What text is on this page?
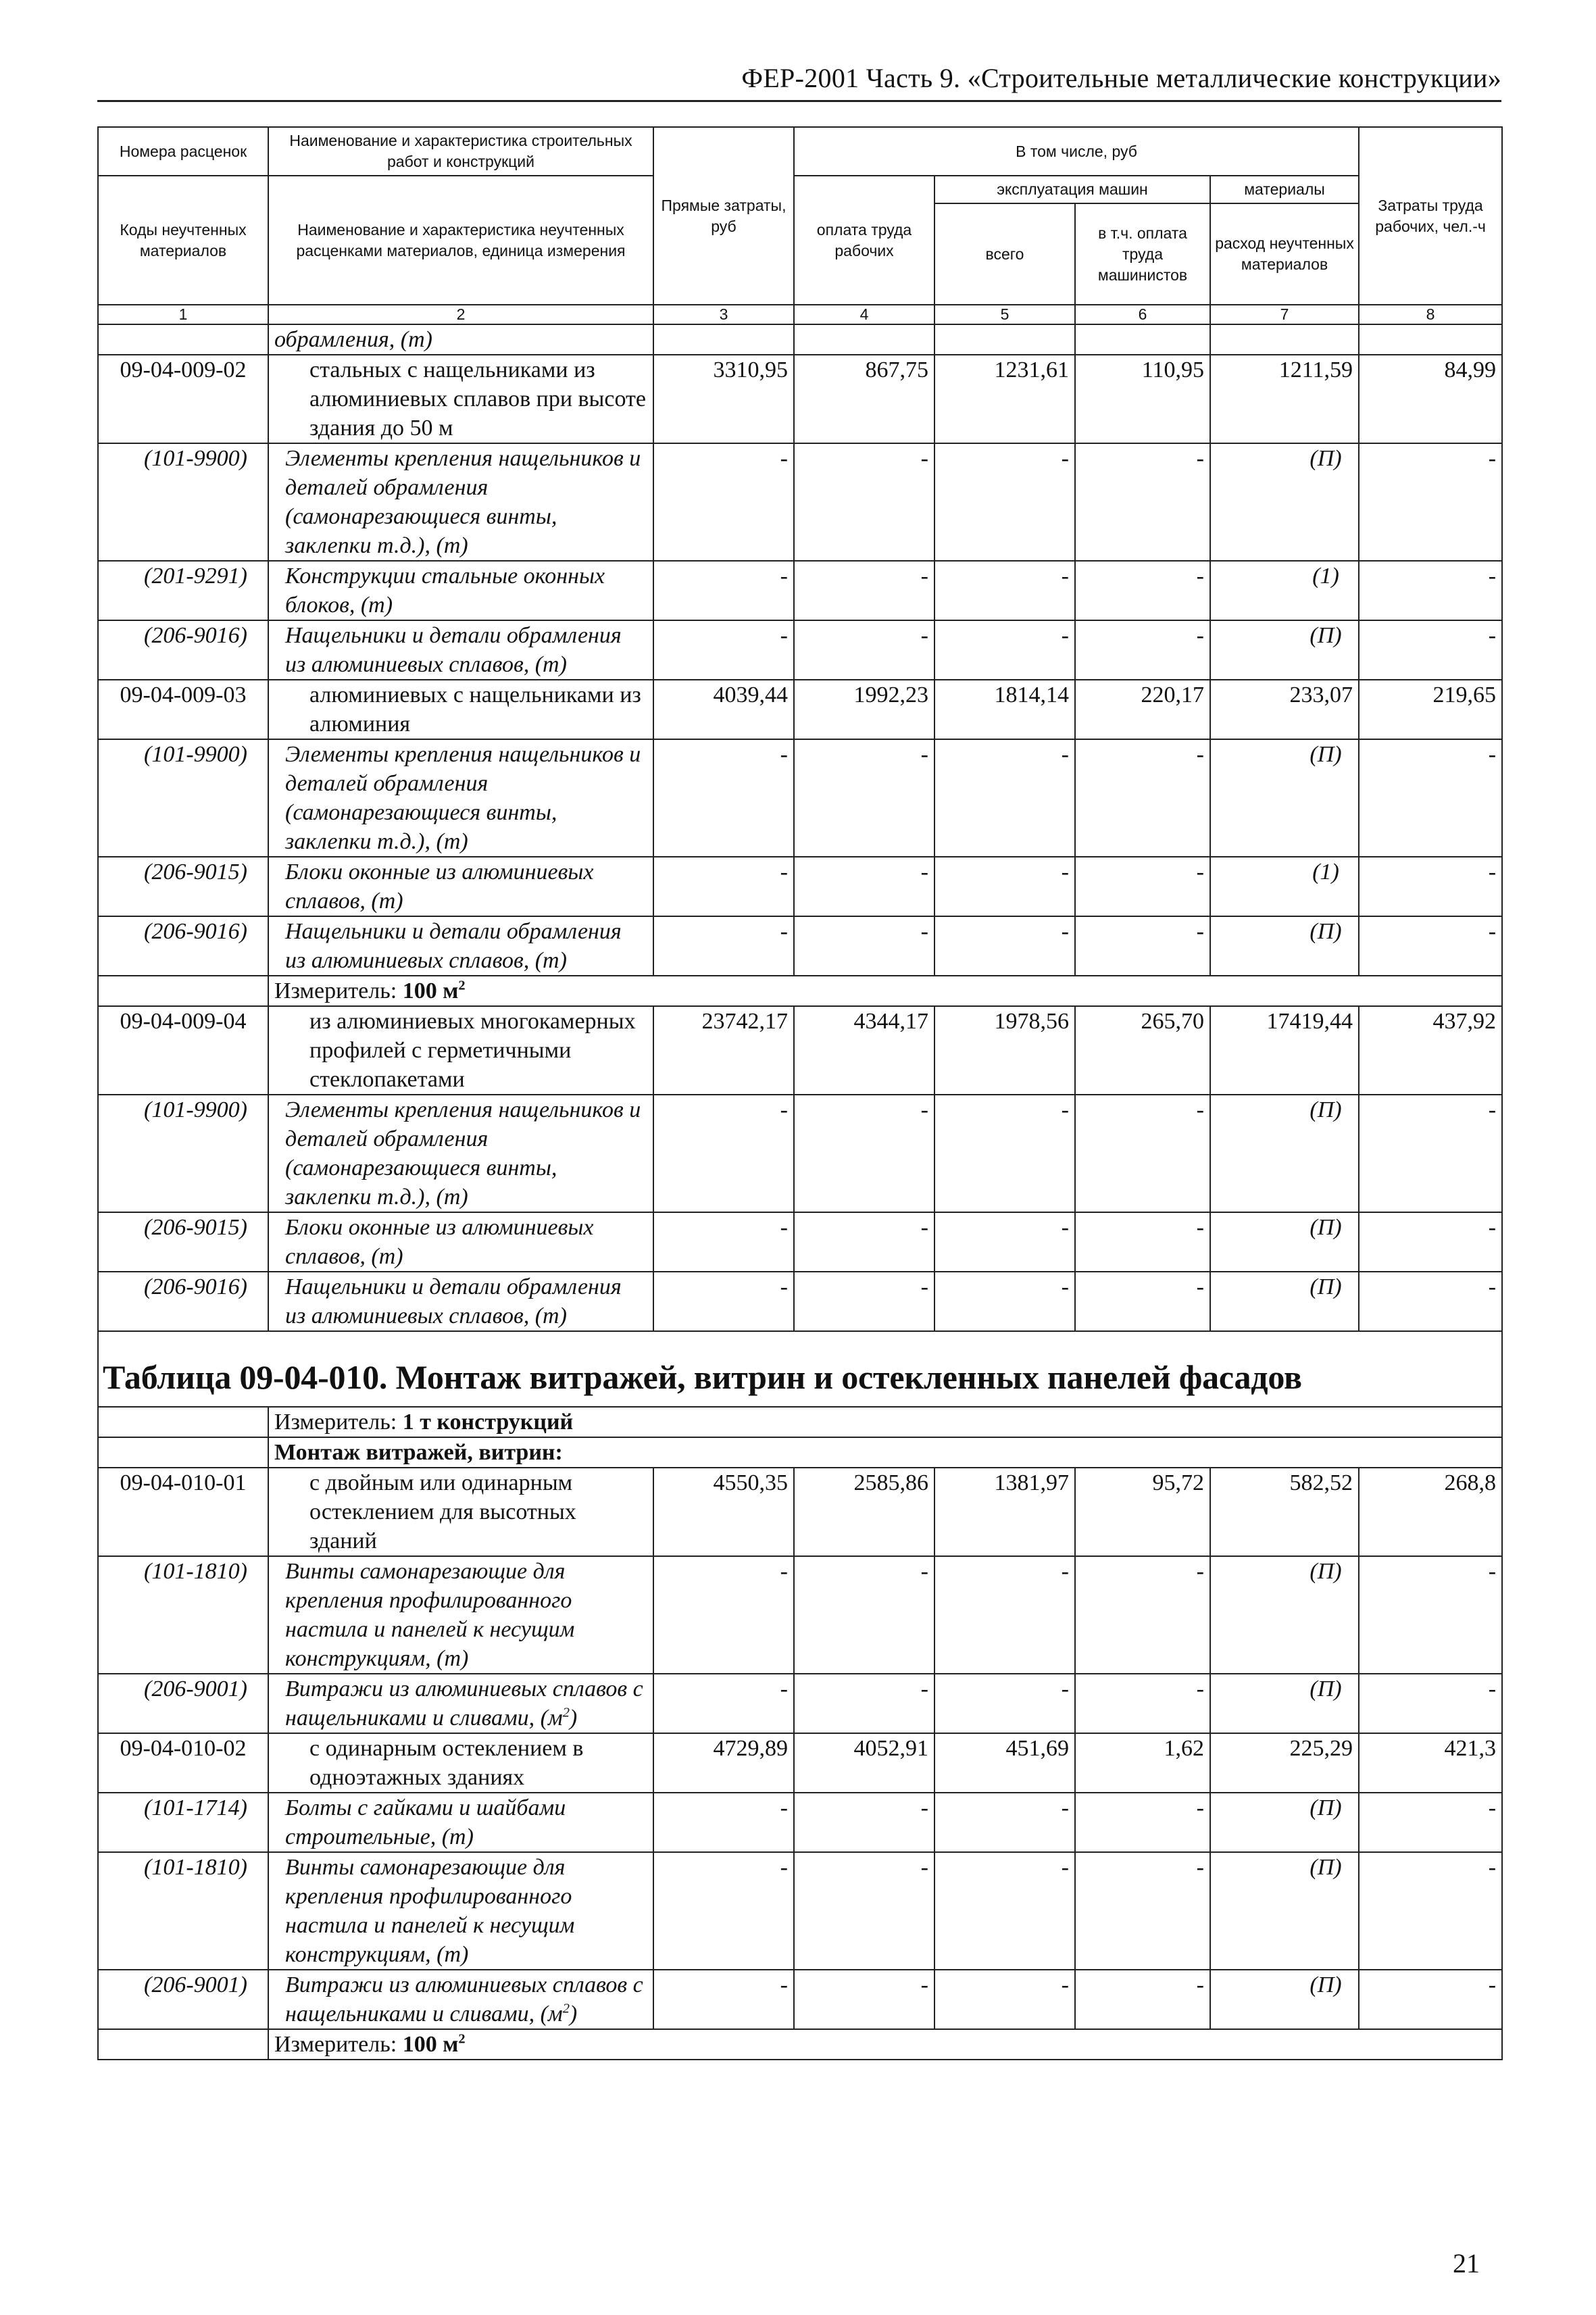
ФЕР-2001 Часть 9. «Строительные металлические конструкции»
Номера расценок	Наименование и характеристика строительных работ и конструкций	Прямые затраты, руб	В том числе, руб				Затраты труда рабочих, чел.-ч
Коды неучтенных материалов	Наименование и характеристика неучтенных расценками материалов, единица измерения		оплата труда рабочих	эксплуатация машин		материалы	
				всего	в т.ч. оплата труда машинистов	расход неучтенных материалов	
1	2	3	4	5	6	7	8
	обрамления, (т)						
09-04-009-02	стальных с нащельниками из алюминиевых сплавов при высоте здания до 50 м	3310,95	867,75	1231,61	110,95	1211,59	84,99
(101-9900)	Элементы крепления нащельников и деталей обрамления (самонарезающиеся винты, заклепки т.д.), (т)	-	-	-	-	(П)	-
(201-9291)	Конструкции стальные оконных блоков, (т)	-	-	-	-	(1)	-
(206-9016)	Нащельники и детали обрамления из алюминиевых сплавов, (т)	-	-	-	-	(П)	-
09-04-009-03	алюминиевых с нащельниками из алюминия	4039,44	1992,23	1814,14	220,17	233,07	219,65
(101-9900)	Элементы крепления нащельников и деталей обрамления (самонарезающиеся винты, заклепки т.д.), (т)	-	-	-	-	(П)	-
(206-9015)	Блоки оконные из алюминиевых сплавов, (т)	-	-	-	-	(1)	-
(206-9016)	Нащельники и детали обрамления из алюминиевых сплавов, (т)	-	-	-	-	(П)	-
	Измеритель: 100 $м^2$
09-04-009-04	из алюминиевых многокамерных профилей с герметичными стеклопакетами	23742,17	4344,17	1978,56	265,70	17419,44	437,92
(101-9900)	Элементы крепления нащельников и деталей обрамления (самонарезающиеся винты, заклепки т.д.), (т)	-	-	-	-	(П)	-
(206-9015)	Блоки оконные из алюминиевых сплавов, (т)	-	-	-	-	(П)	-
(206-9016)	Нащельники и детали обрамления из алюминиевых сплавов, (т)	-	-	-	-	(П)	-
Таблица 09-04-010. Монтаж витражей, витрин и остекленных панелей фасадов							
	Измеритель: 1 т конструкций						
	Монтаж витражей, витрин:						
09-04-010-01	с двойным или одинарным остеклением для высотных зданий	4550,35	2585,86	1381,97	95,72	582,52	268,8
(101-1810)	Винты самонарезающие для крепления профилированного настила и панелей к несущим конструкциям, (т)	-	-	-	-	(П)	-
(206-9001)	Витражи из алюминиевых сплавов с нащельниками и сливами, $(м^2)$	-	-	-	-	(П)	-
09-04-010-02	с одинарным остеклением в одноэтажных зданиях	4729,89	4052,91	451,69	1,62	225,29	421,3
(101-1714)	Болты с гайками и шайбами строительные, (т)	-	-	-	-	(П)	-
(101-1810)	Винты самонарезающие для крепления профилированного настила и панелей к несущим конструкциям, (т)	-	-	-	-	(П)	-
(206-9001)	Витражи из алюминиевых сплавов с нащельниками и сливами, $(м^2)$	-	-	-	-	(П)	-
	Измеритель: 100 $м^2$
21
